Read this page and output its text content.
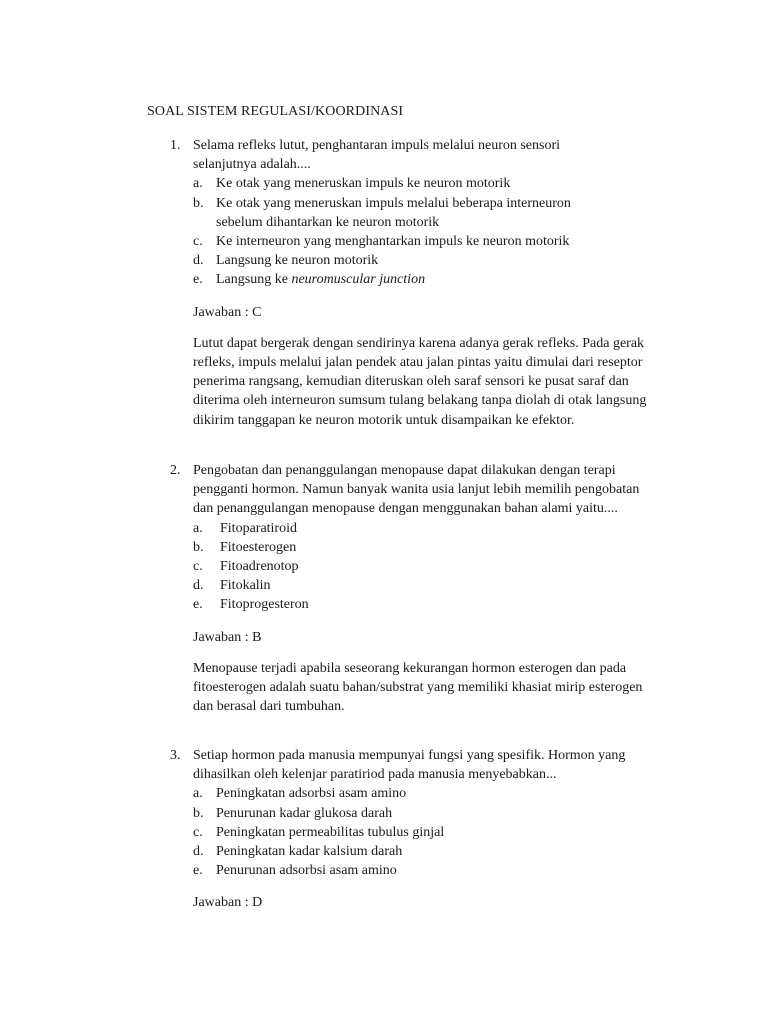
SOAL SISTEM REGULASI/KOORDINASI
1. Selama refleks lutut, penghantaran impuls melalui neuron sensori selanjutnya adalah....
a. Ke otak yang meneruskan impuls ke neuron motorik
b. Ke otak yang meneruskan impuls melalui beberapa interneuron sebelum dihantarkan ke neuron motorik
c. Ke interneuron yang menghantarkan impuls ke neuron motorik
d. Langsung ke neuron motorik
e. Langsung ke neuromuscular junction
Jawaban : C
Lutut dapat bergerak dengan sendirinya karena adanya gerak refleks. Pada gerak refleks, impuls melalui jalan pendek atau jalan pintas yaitu dimulai dari reseptor penerima rangsang, kemudian diteruskan oleh saraf sensori ke pusat saraf dan diterima oleh interneuron sumsum tulang belakang tanpa diolah di otak langsung dikirim tanggapan ke neuron motorik untuk disampaikan ke efektor.
2. Pengobatan dan penanggulangan menopause dapat dilakukan dengan terapi pengganti hormon. Namun banyak wanita usia lanjut lebih memilih pengobatan dan penanggulangan menopause dengan menggunakan bahan alami yaitu....
a. Fitoparatiroid
b. Fitoesterogen
c. Fitoadrenotop
d. Fitokalin
e. Fitoprogesteron
Jawaban : B
Menopause terjadi apabila seseorang kekurangan hormon esterogen dan pada fitoesterogen adalah suatu bahan/substrat yang memiliki khasiat mirip esterogen dan berasal dari tumbuhan.
3. Setiap hormon pada manusia mempunyai fungsi yang spesifik. Hormon yang dihasilkan oleh kelenjar paratiriod pada manusia menyebabkan...
a. Peningkatan adsorbsi asam amino
b. Penurunan kadar glukosa darah
c. Peningkatan permeabilitas tubulus ginjal
d. Peningkatan kadar kalsium darah
e. Penurunan adsorbsi asam amino
Jawaban : D
